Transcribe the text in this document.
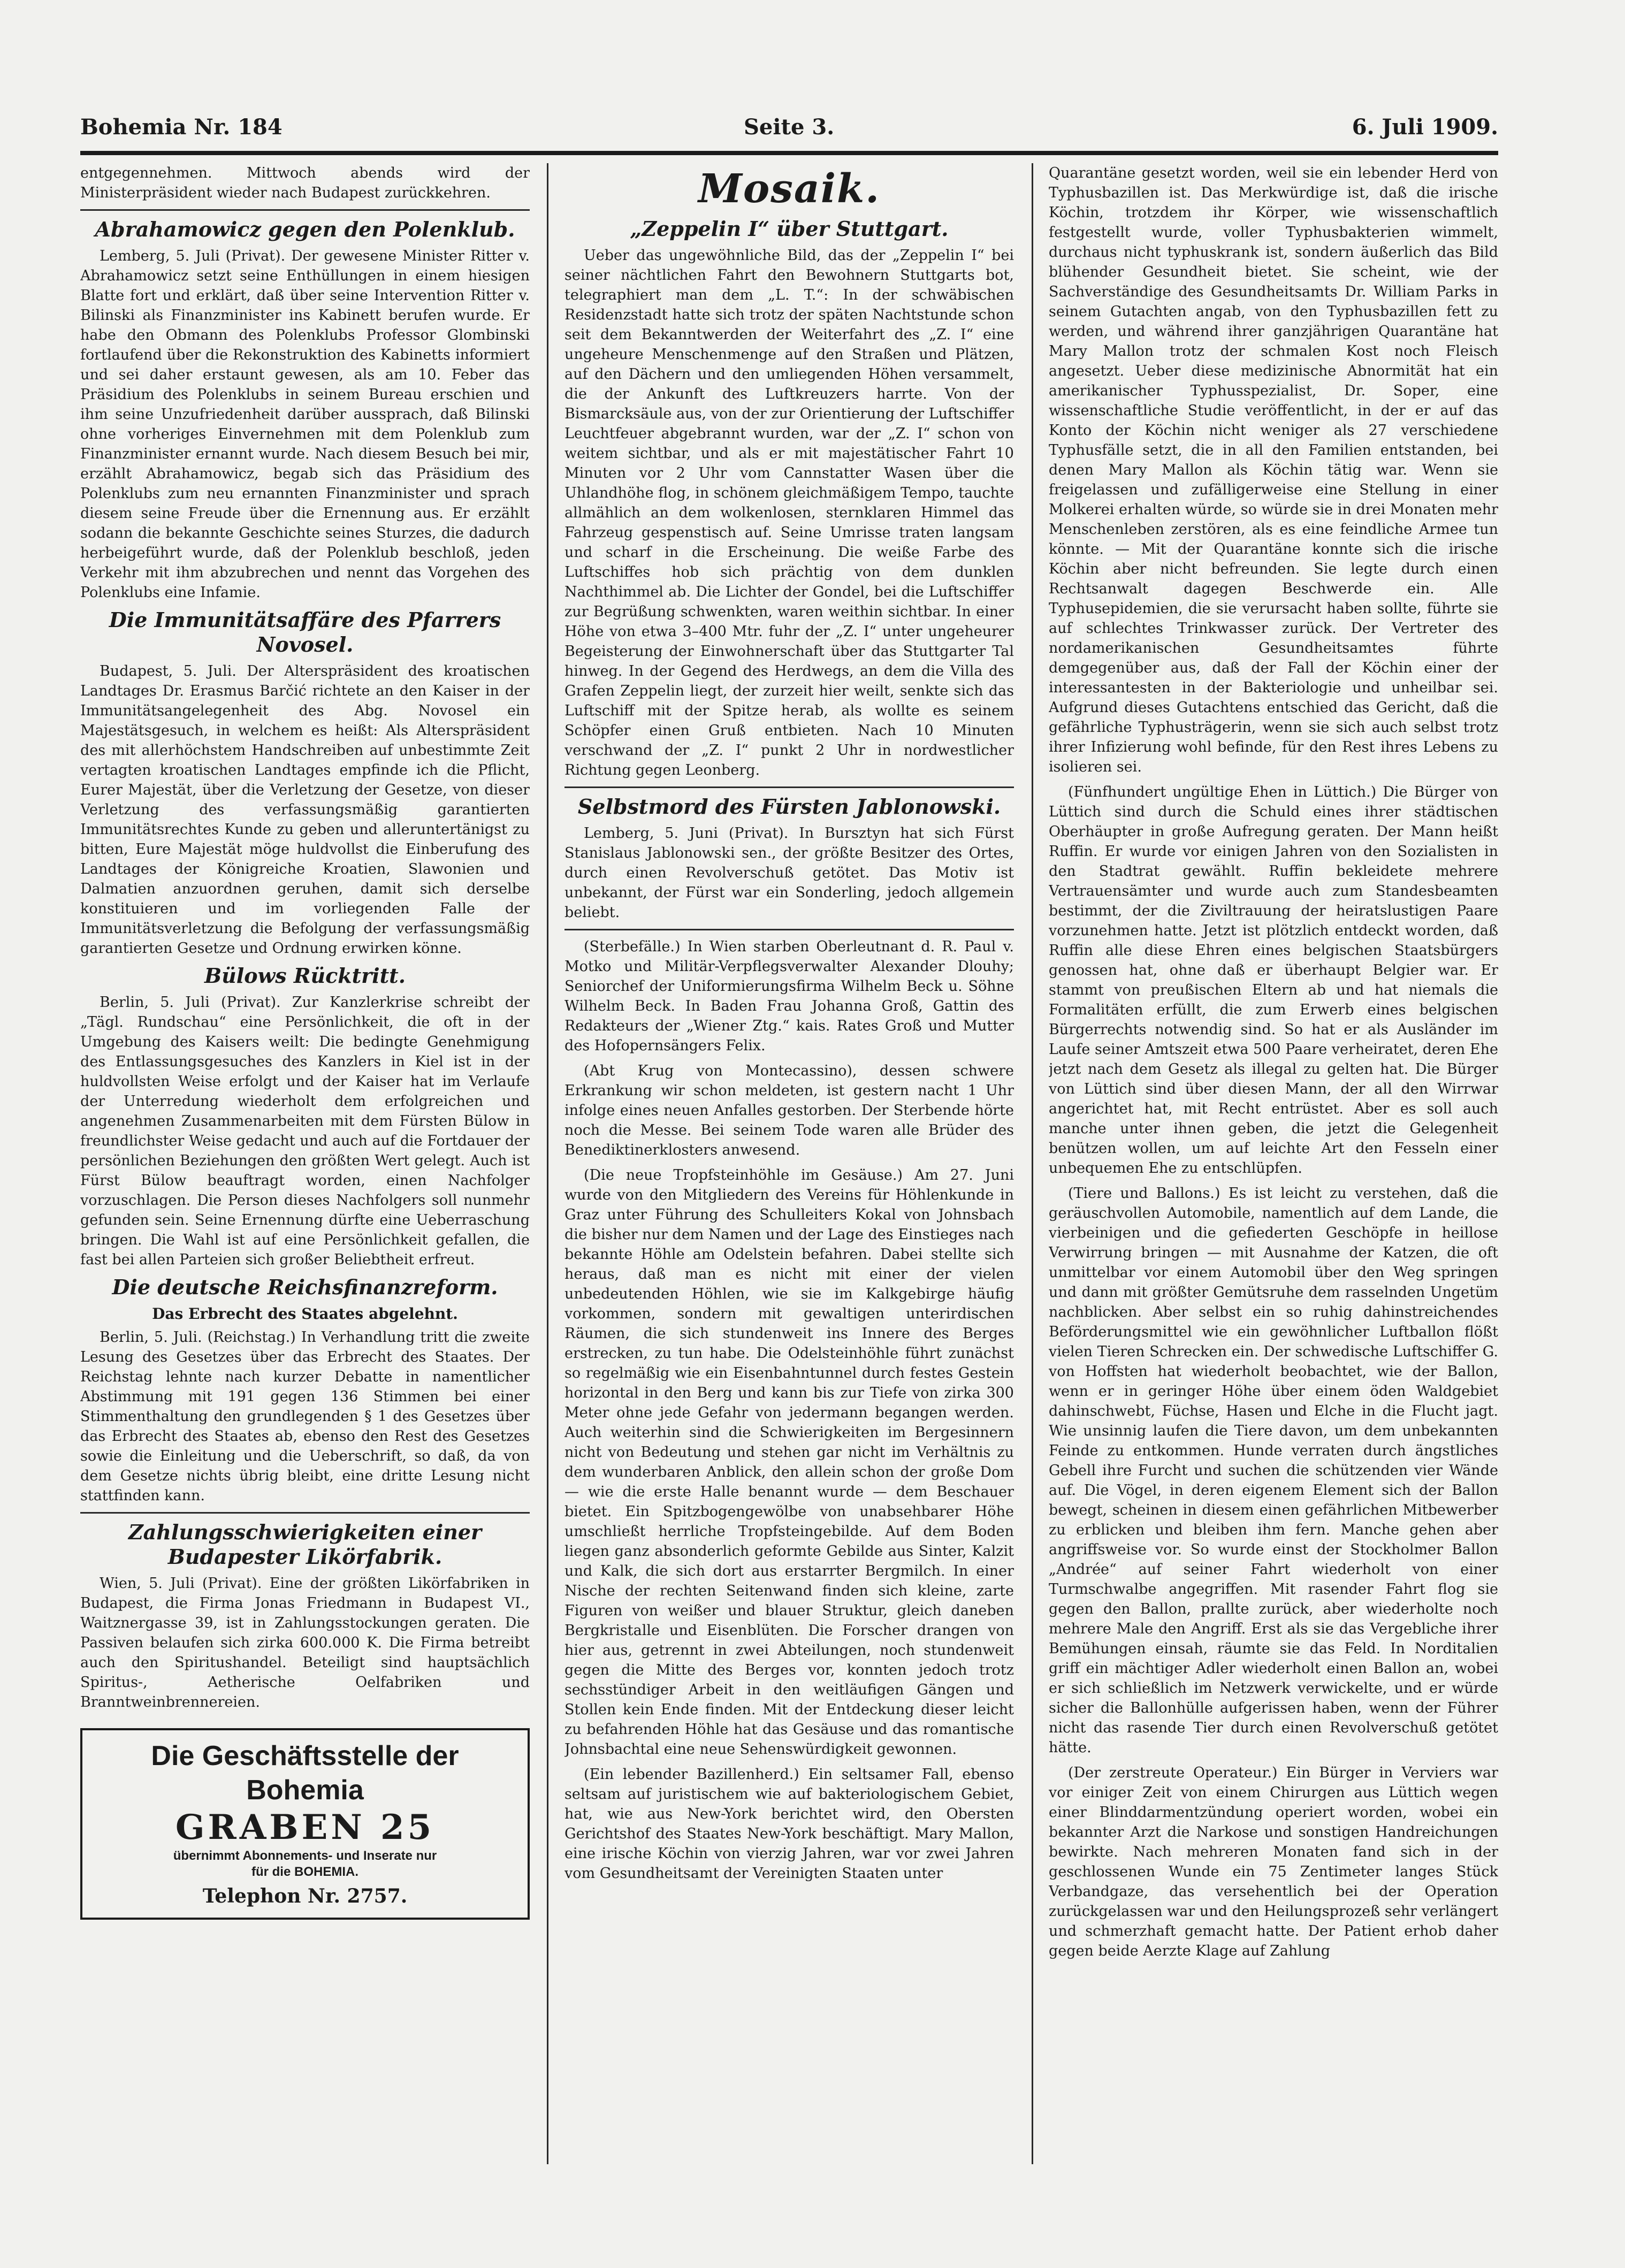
Bohemia Nr. 184	Seite 3.	6. Juli 1909.

entgegennehmen. Mittwoch abends wird der Ministerpräsident wieder nach Budapest zurückkehren.

Abrahamowicz gegen den Polenklub.

Lemberg, 5. Juli (Privat). Der gewesene Minister Ritter v. Abrahamowicz setzt seine Enthüllungen in einem hiesigen Blatte fort und erklärt, daß über seine Intervention Ritter v. Bilinski als Finanzminister ins Kabinett berufen wurde. Er habe den Obmann des Polenklubs Professor Glombinski fortlaufend über die Rekonstruktion des Kabinetts informiert und sei daher erstaunt gewesen, als am 10. Feber das Präsidium des Polenklubs in seinem Bureau erschien und ihm seine Unzufriedenheit darüber aussprach, daß Bilinski ohne vorheriges Einvernehmen mit dem Polenklub zum Finanzminister ernannt wurde. Nach diesem Besuch bei mir, erzählt Abrahamowicz, begab sich das Präsidium des Polenklubs zum neu ernannten Finanzminister und sprach diesem seine Freude über die Ernennung aus. Er erzählt sodann die bekannte Geschichte seines Sturzes, die dadurch herbeigeführt wurde, daß der Polenklub beschloß, jeden Verkehr mit ihm abzubrechen und nennt das Vorgehen des Polenklubs eine Infamie.

Die Immunitätsaffäre des Pfarrers Novosel.

Budapest, 5. Juli. Der Alterspräsident des kroatischen Landtages Dr. Erasmus Barčić richtete an den Kaiser in der Immunitätsangelegenheit des Abg. Novosel ein Majestätsgesuch, in welchem es heißt: Als Alterspräsident des mit allerhöchstem Handschreiben auf unbestimmte Zeit vertagten kroatischen Landtages empfinde ich die Pflicht, Eurer Majestät, über die Verletzung der Gesetze, von dieser Verletzung des verfassungsmäßig garantierten Immunitätsrechtes Kunde zu geben und alleruntertänigst zu bitten, Eure Majestät möge huldvollst die Einberufung des Landtages der Königreiche Kroatien, Slawonien und Dalmatien anzuordnen geruhen, damit sich derselbe konstituieren und im vorliegenden Falle der Immunitätsverletzung die Befolgung der verfassungsmäßig garantierten Gesetze und Ordnung erwirken könne.

Bülows Rücktritt.

Berlin, 5. Juli (Privat). Zur Kanzlerkrise schreibt der „Tägl. Rundschau“ eine Persönlichkeit, die oft in der Umgebung des Kaisers weilt: Die bedingte Genehmigung des Entlassungsgesuches des Kanzlers in Kiel ist in der huldvollsten Weise erfolgt und der Kaiser hat im Verlaufe der Unterredung wiederholt dem erfolgreichen und angenehmen Zusammenarbeiten mit dem Fürsten Bülow in freundlichster Weise gedacht und auch auf die Fortdauer der persönlichen Beziehungen den größten Wert gelegt. Auch ist Fürst Bülow beauftragt worden, einen Nachfolger vorzuschlagen. Die Person dieses Nachfolgers soll nunmehr gefunden sein. Seine Ernennung dürfte eine Ueberraschung bringen. Die Wahl ist auf eine Persönlichkeit gefallen, die fast bei allen Parteien sich großer Beliebtheit erfreut.

Die deutsche Reichsfinanzreform.
Das Erbrecht des Staates abgelehnt.

Berlin, 5. Juli. (Reichstag.) In Verhandlung tritt die zweite Lesung des Gesetzes über das Erbrecht des Staates. Der Reichstag lehnte nach kurzer Debatte in namentlicher Abstimmung mit 191 gegen 136 Stimmen bei einer Stimmenthaltung den grundlegenden § 1 des Gesetzes über das Erbrecht des Staates ab, ebenso den Rest des Gesetzes sowie die Einleitung und die Ueberschrift, so daß, da von dem Gesetze nichts übrig bleibt, eine dritte Lesung nicht stattfinden kann.

Zahlungsschwierigkeiten einer Budapester Likörfabrik.

Wien, 5. Juli (Privat). Eine der größten Likörfabriken in Budapest, die Firma Jonas Friedmann in Budapest VI., Waitznergasse 39, ist in Zahlungsstockungen geraten. Die Passiven belaufen sich zirka 600.000 K. Die Firma betreibt auch den Spiritushandel. Beteiligt sind hauptsächlich Spiritus-, Aetherische Oelfabriken und Branntweinbrennereien.

Die Geschäftsstelle der Bohemia
GRABEN 25
übernimmt Abonnements- und Inserate nur
für die BOHEMIA.
Telephon Nr. 2757.
Mosaik.
„Zeppelin I“ über Stuttgart.

Ueber das ungewöhnliche Bild, das der „Zeppelin I“ bei seiner nächtlichen Fahrt den Bewohnern Stuttgarts bot, telegraphiert man dem „L. T.“: In der schwäbischen Residenzstadt hatte sich trotz der späten Nachtstunde schon seit dem Bekanntwerden der Weiterfahrt des „Z. I“ eine ungeheure Menschenmenge auf den Straßen und Plätzen, auf den Dächern und den umliegenden Höhen versammelt, die der Ankunft des Luftkreuzers harrte. Von der Bismarcksäule aus, von der zur Orientierung der Luftschiffer Leuchtfeuer abgebrannt wurden, war der „Z. I“ schon von weitem sichtbar, und als er mit majestätischer Fahrt 10 Minuten vor 2 Uhr vom Cannstatter Wasen über die Uhlandhöhe flog, in schönem gleichmäßigem Tempo, tauchte allmählich an dem wolkenlosen, sternklaren Himmel das Fahrzeug gespenstisch auf. Seine Umrisse traten langsam und scharf in die Erscheinung. Die weiße Farbe des Luftschiffes hob sich prächtig von dem dunklen Nachthimmel ab. Die Lichter der Gondel, bei die Luftschiffer zur Begrüßung schwenkten, waren weithin sichtbar. In einer Höhe von etwa 3–400 Mtr. fuhr der „Z. I“ unter ungeheurer Begeisterung der Einwohnerschaft über das Stuttgarter Tal hinweg. In der Gegend des Herdwegs, an dem die Villa des Grafen Zeppelin liegt, der zurzeit hier weilt, senkte sich das Luftschiff mit der Spitze herab, als wollte es seinem Schöpfer einen Gruß entbieten. Nach 10 Minuten verschwand der „Z. I“ punkt 2 Uhr in nordwestlicher Richtung gegen Leonberg.

Selbstmord des Fürsten Jablonowski.

Lemberg, 5. Juni (Privat). In Bursztyn hat sich Fürst Stanislaus Jablonowski sen., der größte Besitzer des Ortes, durch einen Revolverschuß getötet. Das Motiv ist unbekannt, der Fürst war ein Sonderling, jedoch allgemein beliebt.

(Sterbefälle.) In Wien starben Oberleutnant d. R. Paul v. Motko und Militär-Verpflegsverwalter Alexander Dlouhy; Seniorchef der Uniformierungsfirma Wilhelm Beck u. Söhne Wilhelm Beck. In Baden Frau Johanna Groß, Gattin des Redakteurs der „Wiener Ztg.“ kais. Rates Groß und Mutter des Hofopernsängers Felix.

(Abt Krug von Montecassino), dessen schwere Erkrankung wir schon meldeten, ist gestern nacht 1 Uhr infolge eines neuen Anfalles gestorben. Der Sterbende hörte noch die Messe. Bei seinem Tode waren alle Brüder des Benediktinerklosters anwesend.

(Die neue Tropfsteinhöhle im Gesäuse.) Am 27. Juni wurde von den Mitgliedern des Vereins für Höhlenkunde in Graz unter Führung des Schulleiters Kokal von Johnsbach die bisher nur dem Namen und der Lage des Einstieges nach bekannte Höhle am Odelstein befahren. Dabei stellte sich heraus, daß man es nicht mit einer der vielen unbedeutenden Höhlen, wie sie im Kalkgebirge häufig vorkommen, sondern mit gewaltigen unterirdischen Räumen, die sich stundenweit ins Innere des Berges erstrecken, zu tun habe. Die Odelsteinhöhle führt zunächst so regelmäßig wie ein Eisenbahntunnel durch festes Gestein horizontal in den Berg und kann bis zur Tiefe von zirka 300 Meter ohne jede Gefahr von jedermann begangen werden. Auch weiterhin sind die Schwierigkeiten im Bergesinnern nicht von Bedeutung und stehen gar nicht im Verhältnis zu dem wunderbaren Anblick, den allein schon der große Dom — wie die erste Halle benannt wurde — dem Beschauer bietet. Ein Spitzbogengewölbe von unabsehbarer Höhe umschließt herrliche Tropfsteingebilde. Auf dem Boden liegen ganz absonderlich geformte Gebilde aus Sinter, Kalzit und Kalk, die sich dort aus erstarrter Bergmilch. In einer Nische der rechten Seitenwand finden sich kleine, zarte Figuren von weißer und blauer Struktur, gleich daneben Bergkristalle und Eisenblüten. Die Forscher drangen von hier aus, getrennt in zwei Abteilungen, noch stundenweit gegen die Mitte des Berges vor, konnten jedoch trotz sechsstündiger Arbeit in den weitläufigen Gängen und Stollen kein Ende finden. Mit der Entdeckung dieser leicht zu befahrenden Höhle hat das Gesäuse und das romantische Johnsbachtal eine neue Sehenswürdigkeit gewonnen.

(Ein lebender Bazillenherd.) Ein seltsamer Fall, ebenso seltsam auf juristischem wie auf bakteriologischem Gebiet, hat, wie aus New-York berichtet wird, den Obersten Gerichtshof des Staates New-York beschäftigt. Mary Mallon, eine irische Köchin von vierzig Jahren, war vor zwei Jahren vom Gesundheitsamt der Vereinigten Staaten unter

Quarantäne gesetzt worden, weil sie ein lebender Herd von Typhusbazillen ist. Das Merkwürdige ist, daß die irische Köchin, trotzdem ihr Körper, wie wissenschaftlich festgestellt wurde, voller Typhusbakterien wimmelt, durchaus nicht typhuskrank ist, sondern äußerlich das Bild blühender Gesundheit bietet. Sie scheint, wie der Sachverständige des Gesundheitsamts Dr. William Parks in seinem Gutachten angab, von den Typhusbazillen fett zu werden, und während ihrer ganzjährigen Quarantäne hat Mary Mallon trotz der schmalen Kost noch Fleisch angesetzt. Ueber diese medizinische Abnormität hat ein amerikanischer Typhusspezialist, Dr. Soper, eine wissenschaftliche Studie veröffentlicht, in der er auf das Konto der Köchin nicht weniger als 27 verschiedene Typhusfälle setzt, die in all den Familien entstanden, bei denen Mary Mallon als Köchin tätig war. Wenn sie freigelassen und zufälligerweise eine Stellung in einer Molkerei erhalten würde, so würde sie in drei Monaten mehr Menschenleben zerstören, als es eine feindliche Armee tun könnte. — Mit der Quarantäne konnte sich die irische Köchin aber nicht befreunden. Sie legte durch einen Rechtsanwalt dagegen Beschwerde ein. Alle Typhusepidemien, die sie verursacht haben sollte, führte sie auf schlechtes Trinkwasser zurück. Der Vertreter des nordamerikanischen Gesundheitsamtes führte demgegenüber aus, daß der Fall der Köchin einer der interessantesten in der Bakteriologie und unheilbar sei. Aufgrund dieses Gutachtens entschied das Gericht, daß die gefährliche Typhusträgerin, wenn sie sich auch selbst trotz ihrer Infizierung wohl befinde, für den Rest ihres Lebens zu isolieren sei.

(Fünfhundert ungültige Ehen in Lüttich.) Die Bürger von Lüttich sind durch die Schuld eines ihrer städtischen Oberhäupter in große Aufregung geraten. Der Mann heißt Ruffin. Er wurde vor einigen Jahren von den Sozialisten in den Stadtrat gewählt. Ruffin bekleidete mehrere Vertrauensämter und wurde auch zum Standesbeamten bestimmt, der die Ziviltrauung der heiratslustigen Paare vorzunehmen hatte. Jetzt ist plötzlich entdeckt worden, daß Ruffin alle diese Ehren eines belgischen Staatsbürgers genossen hat, ohne daß er überhaupt Belgier war. Er stammt von preußischen Eltern ab und hat niemals die Formalitäten erfüllt, die zum Erwerb eines belgischen Bürgerrechts notwendig sind. So hat er als Ausländer im Laufe seiner Amtszeit etwa 500 Paare verheiratet, deren Ehe jetzt nach dem Gesetz als illegal zu gelten hat. Die Bürger von Lüttich sind über diesen Mann, der all den Wirrwar angerichtet hat, mit Recht entrüstet. Aber es soll auch manche unter ihnen geben, die jetzt die Gelegenheit benützen wollen, um auf leichte Art den Fesseln einer unbequemen Ehe zu entschlüpfen.

(Tiere und Ballons.) Es ist leicht zu verstehen, daß die geräuschvollen Automobile, namentlich auf dem Lande, die vierbeinigen und die gefiederten Geschöpfe in heillose Verwirrung bringen — mit Ausnahme der Katzen, die oft unmittelbar vor einem Automobil über den Weg springen und dann mit größter Gemütsruhe dem rasselnden Ungetüm nachblicken. Aber selbst ein so ruhig dahinstreichendes Beförderungsmittel wie ein gewöhnlicher Luftballon flößt vielen Tieren Schrecken ein. Der schwedische Luftschiffer G. von Hoffsten hat wiederholt beobachtet, wie der Ballon, wenn er in geringer Höhe über einem öden Waldgebiet dahinschwebt, Füchse, Hasen und Elche in die Flucht jagt. Wie unsinnig laufen die Tiere davon, um dem unbekannten Feinde zu entkommen. Hunde verraten durch ängstliches Gebell ihre Furcht und suchen die schützenden vier Wände auf. Die Vögel, in deren eigenem Element sich der Ballon bewegt, scheinen in diesem einen gefährlichen Mitbewerber zu erblicken und bleiben ihm fern. Manche gehen aber angriffsweise vor. So wurde einst der Stockholmer Ballon „Andrée“ auf seiner Fahrt wiederholt von einer Turmschwalbe angegriffen. Mit rasender Fahrt flog sie gegen den Ballon, prallte zurück, aber wiederholte noch mehrere Male den Angriff. Erst als sie das Vergebliche ihrer Bemühungen einsah, räumte sie das Feld. In Norditalien griff ein mächtiger Adler wiederholt einen Ballon an, wobei er sich schließlich im Netzwerk verwickelte, und er würde sicher die Ballonhülle aufgerissen haben, wenn der Führer nicht das rasende Tier durch einen Revolverschuß getötet hätte.

(Der zerstreute Operateur.) Ein Bürger in Verviers war vor einiger Zeit von einem Chirurgen aus Lüttich wegen einer Blinddarmentzündung operiert worden, wobei ein bekannter Arzt die Narkose und sonstigen Handreichungen bewirkte. Nach mehreren Monaten fand sich in der geschlossenen Wunde ein 75 Zentimeter langes Stück Verbandgaze, das versehentlich bei der Operation zurückgelassen war und den Heilungsprozeß sehr verlängert und schmerzhaft gemacht hatte. Der Patient erhob daher gegen beide Aerzte Klage auf Zahlung
